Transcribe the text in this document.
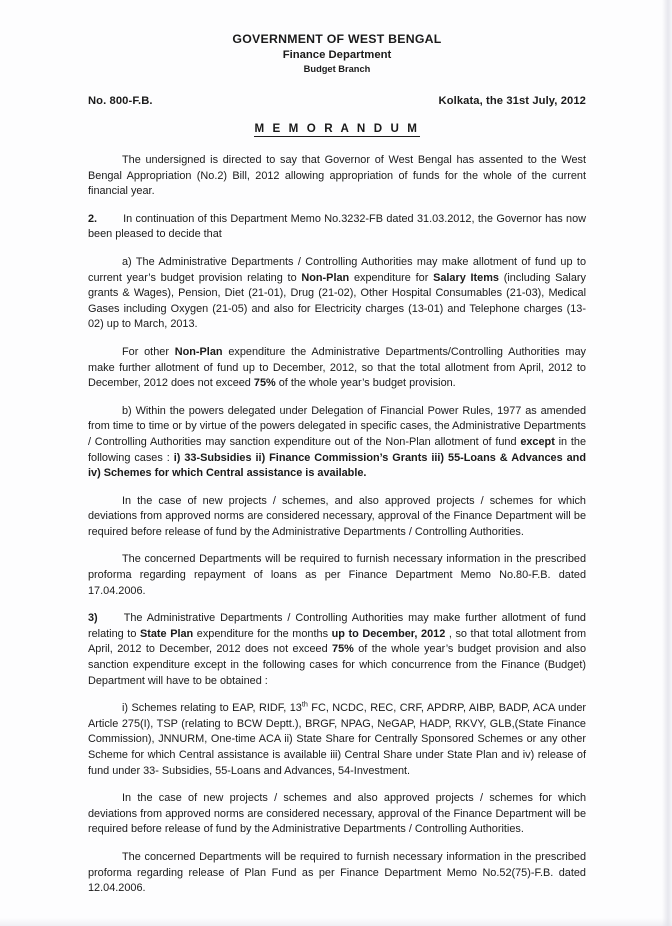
GOVERNMENT OF WEST BENGAL
Finance Department
Budget Branch
No. 800-F.B.	Kolkata, the 31st July, 2012
M E M O R A N D U M

The undersigned is directed to say that Governor of West Bengal has assented to the West Bengal Appropriation (No.2) Bill, 2012 allowing appropriation of funds for the whole of the current financial year.

2. In continuation of this Department Memo No.3232-FB dated 31.03.2012, the Governor has now been pleased to decide that

a) The Administrative Departments / Controlling Authorities may make allotment of fund up to current year’s budget provision relating to Non-Plan expenditure for Salary Items (including Salary grants & Wages), Pension, Diet (21-01), Drug (21-02), Other Hospital Consumables (21-03), Medical Gases including Oxygen (21-05) and also for Electricity charges (13-01) and Telephone charges (13-02) up to March, 2013.

For other Non-Plan expenditure the Administrative Departments/Controlling Authorities may make further allotment of fund up to December, 2012, so that the total allotment from April, 2012 to December, 2012 does not exceed 75% of the whole year’s budget provision.

b) Within the powers delegated under Delegation of Financial Power Rules, 1977 as amended from time to time or by virtue of the powers delegated in specific cases, the Administrative Departments / Controlling Authorities may sanction expenditure out of the Non-Plan allotment of fund except in the following cases : i) 33-Subsidies ii) Finance Commission’s Grants iii) 55-Loans & Advances and iv) Schemes for which Central assistance is available.

In the case of new projects / schemes, and also approved projects / schemes for which deviations from approved norms are considered necessary, approval of the Finance Department will be required before release of fund by the Administrative Departments / Controlling Authorities.

The concerned Departments will be required to furnish necessary information in the prescribed proforma regarding repayment of loans as per Finance Department Memo No.80-F.B. dated 17.04.2006.

3) The Administrative Departments / Controlling Authorities may make further allotment of fund relating to State Plan expenditure for the months up to December, 2012 , so that total allotment from April, 2012 to December, 2012 does not exceed 75% of the whole year’s budget provision and also sanction expenditure except in the following cases for which concurrence from the Finance (Budget) Department will have to be obtained :

i) Schemes relating to EAP, RIDF, 13th FC, NCDC, REC, CRF, APDRP, AIBP, BADP, ACA under Article 275(I), TSP (relating to BCW Deptt.), BRGF, NPAG, NeGAP, HADP, RKVY, GLB,(State Finance Commission), JNNURM, One-time ACA ii) State Share for Centrally Sponsored Schemes or any other Scheme for which Central assistance is available iii) Central Share under State Plan and iv) release of fund under 33- Subsidies, 55-Loans and Advances, 54-Investment.

In the case of new projects / schemes and also approved projects / schemes for which deviations from approved norms are considered necessary, approval of the Finance Department will be required before release of fund by the Administrative Departments / Controlling Authorities.

The concerned Departments will be required to furnish necessary information in the prescribed proforma regarding release of Plan Fund as per Finance Department Memo No.52(75)-F.B. dated 12.04.2006.
